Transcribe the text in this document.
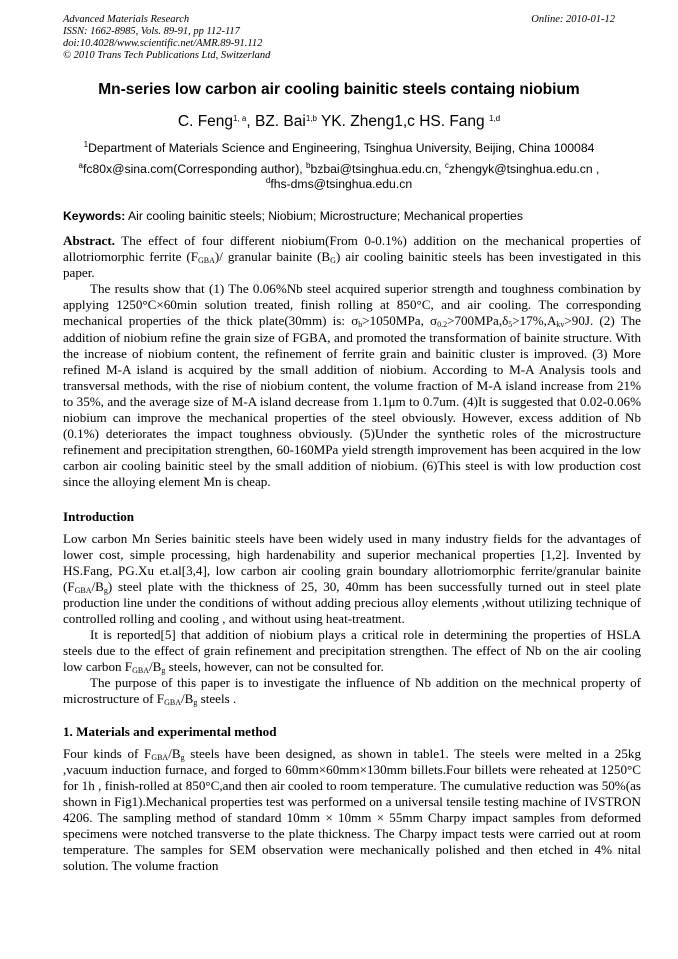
Advanced Materials Research
ISSN: 1662-8985, Vols. 89-91, pp 112-117
doi:10.4028/www.scientific.net/AMR.89-91.112
© 2010 Trans Tech Publications Ltd, Switzerland
Online: 2010-01-12
Mn-series low carbon air cooling bainitic steels containg niobium
C. Feng$^{1, a}$, BZ. Bai$^{1,b}$ YK. Zheng1,c HS. Fang $^{1,d}$
$^1$Department of Materials Science and Engineering, Tsinghua University, Beijing, China 100084
$^a$fc80x@sina.com(Corresponding author), $^b$bzbai@tsinghua.edu.cn, $^c$zhengyk@tsinghua.edu.cn ,
$^d$fhs-dms@tsinghua.edu.cn
Keywords: Air cooling bainitic steels; Niobium; Microstructure; Mechanical properties

Abstract. The effect of four different niobium(From 0-0.1%) addition on the mechanical properties of allotriomorphic ferrite $(F_{GBA})/$ granular bainite $(B_G)$ air cooling bainitic steels has been investigated in this paper.

The results show that (1) The 0.06%Nb steel acquired superior strength and toughness combination by applying 1250°C×60min solution treated, finish rolling at 850°C, and air cooling. The corresponding mechanical properties of the thick plate(30mm) is: $\sigma_b>1050MPa$, $\sigma_{0.2}>700MPa,\delta_5>17\%,A_{kv}>90J$. (2) The addition of niobium refine the grain size of FGBA, and promoted the transformation of bainite structure. With the increase of niobium content, the refinement of ferrite grain and bainitic cluster is improved. (3) More refined M-A island is acquired by the small addition of niobium. According to M-A Analysis tools and transversal methods, with the rise of niobium content, the volume fraction of M-A island increase from 21% to 35%, and the average size of M-A island decrease from 1.1μm to 0.7um. (4)It is suggested that 0.02-0.06% niobium can improve the mechanical properties of the steel obviously. However, excess addition of Nb (0.1%) deteriorates the impact toughness obviously. (5)Under the synthetic roles of the microstructure refinement and precipitation strengthen, 60-160MPa yield strength improvement has been acquired in the low carbon air cooling bainitic steel by the small addition of niobium. (6)This steel is with low production cost since the alloying element Mn is cheap.

Introduction

Low carbon Mn Series bainitic steels have been widely used in many industry fields for the advantages of lower cost, simple processing, high hardenability and superior mechanical properties [1,2]. Invented by HS.Fang, PG.Xu et.al[3,4], low carbon air cooling grain boundary allotriomorphic ferrite/granular bainite $(F_{GBA}/B_g)$ steel plate with the thickness of 25, 30, 40mm has been successfully turned out in steel plate production line under the conditions of without adding precious alloy elements ,without utilizing technique of controlled rolling and cooling , and without using heat-treatment.

It is reported[5] that addition of niobium plays a critical role in determining the properties of HSLA steels due to the effect of grain refinement and precipitation strengthen. The effect of Nb on the air cooling low carbon $F_{GBA}/B_g$ steels, however, can not be consulted for.

The purpose of this paper is to investigate the influence of Nb addition on the mechnical property of microstructure of $F_{GBA}/B_g$ steels .

1. Materials and experimental method

Four kinds of $F_{GBA}/B_g$ steels have been designed, as shown in table1. The steels were melted in a 25kg ,vacuum induction furnace, and forged to 60mm×60mm×130mm billets.Four billets were reheated at 1250°C for 1h , finish-rolled at 850°C,and then air cooled to room temperature. The cumulative reduction was 50%(as shown in Fig1).Mechanical properties test was performed on a universal tensile testing machine of IVSTRON 4206. The sampling method of standard 10mm × 10mm × 55mm Charpy impact samples from deformed specimens were notched transverse to the plate thickness. The Charpy impact tests were carried out at room temperature. The samples for SEM observation were mechanically polished and then etched in 4% nital solution. The volume fraction
